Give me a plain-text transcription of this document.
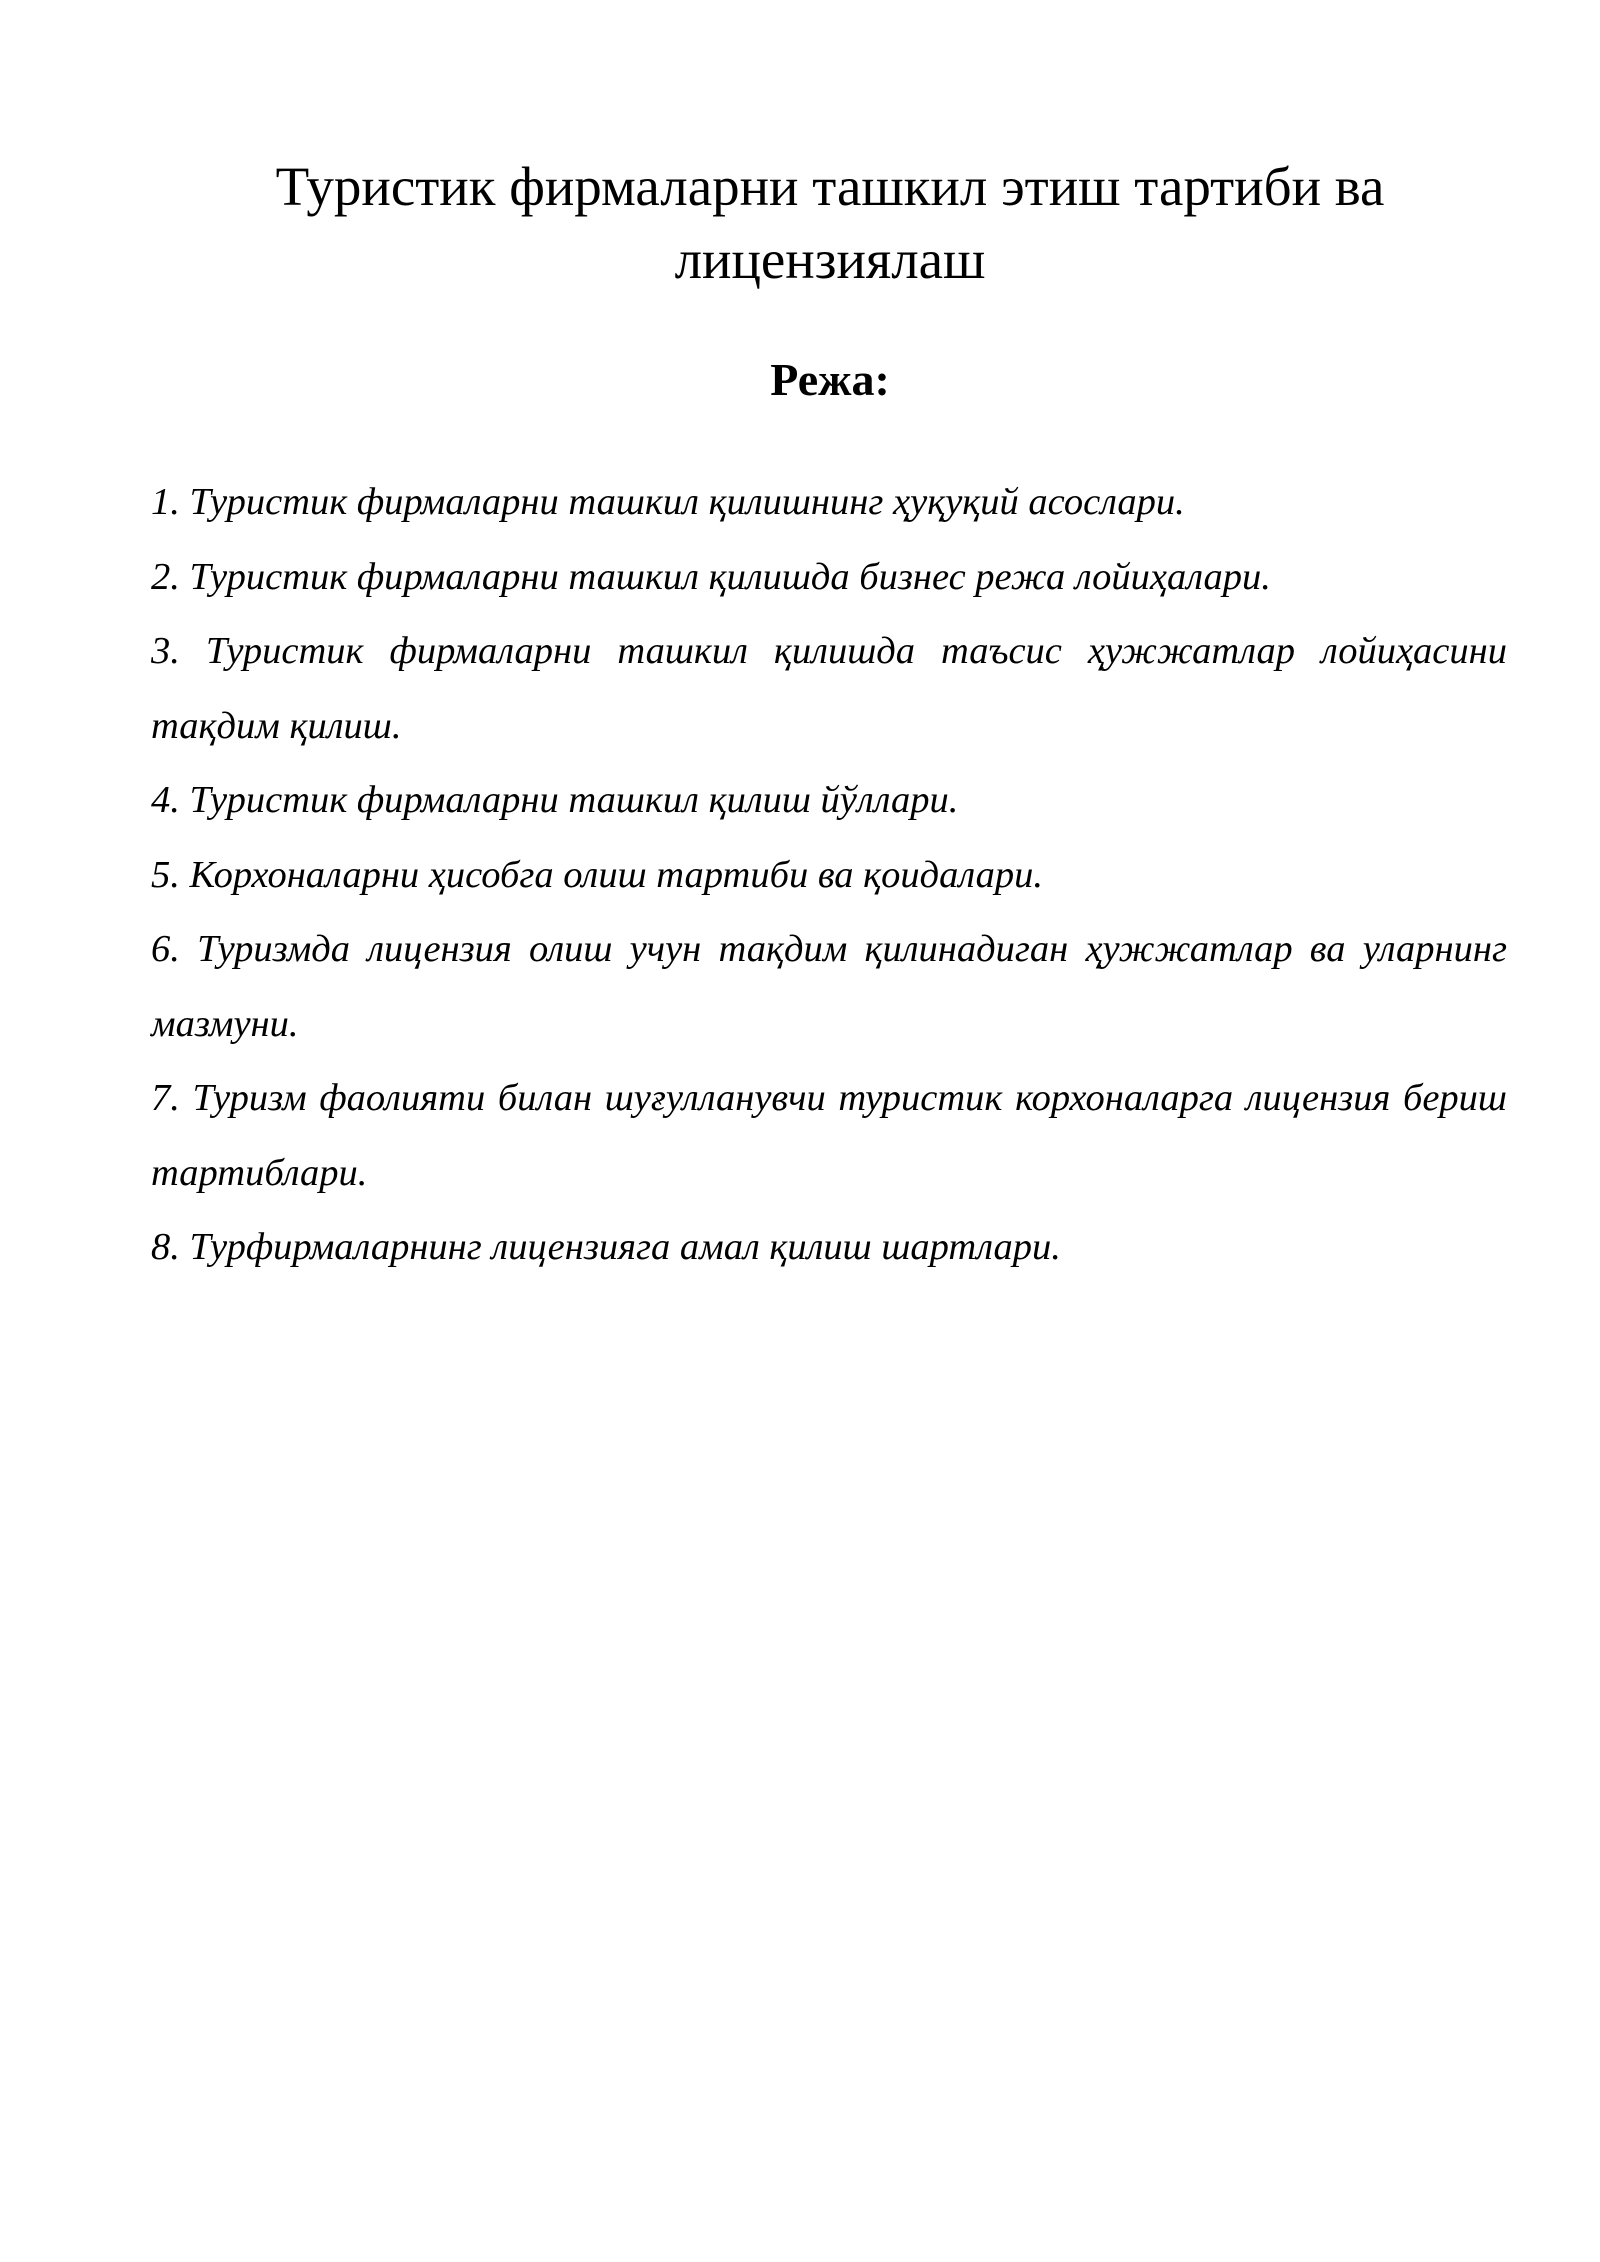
Туристик фирмаларни ташкил этиш тартиби ва лицензиялаш
Режа:
1. Туристик фирмаларни ташкил қилишнинг ҳуқуқий асослари.
2. Туристик фирмаларни ташкил қилишда бизнес режа лойиҳалари.
3. Туристик фирмаларни ташкил қилишда таъсис ҳужжатлар лойиҳасини тақдим қилиш.
4. Туристик фирмаларни ташкил қилиш йўллари.
5. Корхоналарни ҳисобга олиш тартиби ва қоидалари.
6. Туризмда лицензия олиш учун тақдим қилинадиган ҳужжатлар ва уларнинг мазмуни.
7. Туризм фаолияти билан шуғулланувчи туристик корхоналарга лицензия бериш тартиблари.
8. Турфирмаларнинг лицензияга амал қилиш шартлари.
